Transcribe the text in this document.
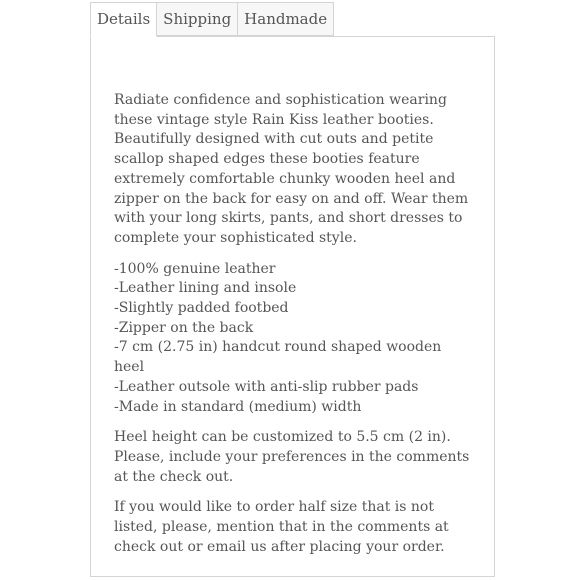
Details Shipping Handmade

Radiate confidence and sophistication wearing these vintage style Rain Kiss leather booties. Beautifully designed with cut outs and petite scallop shaped edges these booties feature extremely comfortable chunky wooden heel and zipper on the back for easy on and off. Wear them with your long skirts, pants, and short dresses to complete your sophisticated style.

-100% genuine leather
-Leather lining and insole
-Slightly padded footbed
-Zipper on the back
-7 cm (2.75 in) handcut round shaped wooden heel
-Leather outsole with anti-slip rubber pads
-Made in standard (medium) width

Heel height can be customized to 5.5 cm (2 in). Please, include your preferences in the comments at the check out.

If you would like to order half size that is not listed, please, mention that in the comments at check out or email us after placing your order.
